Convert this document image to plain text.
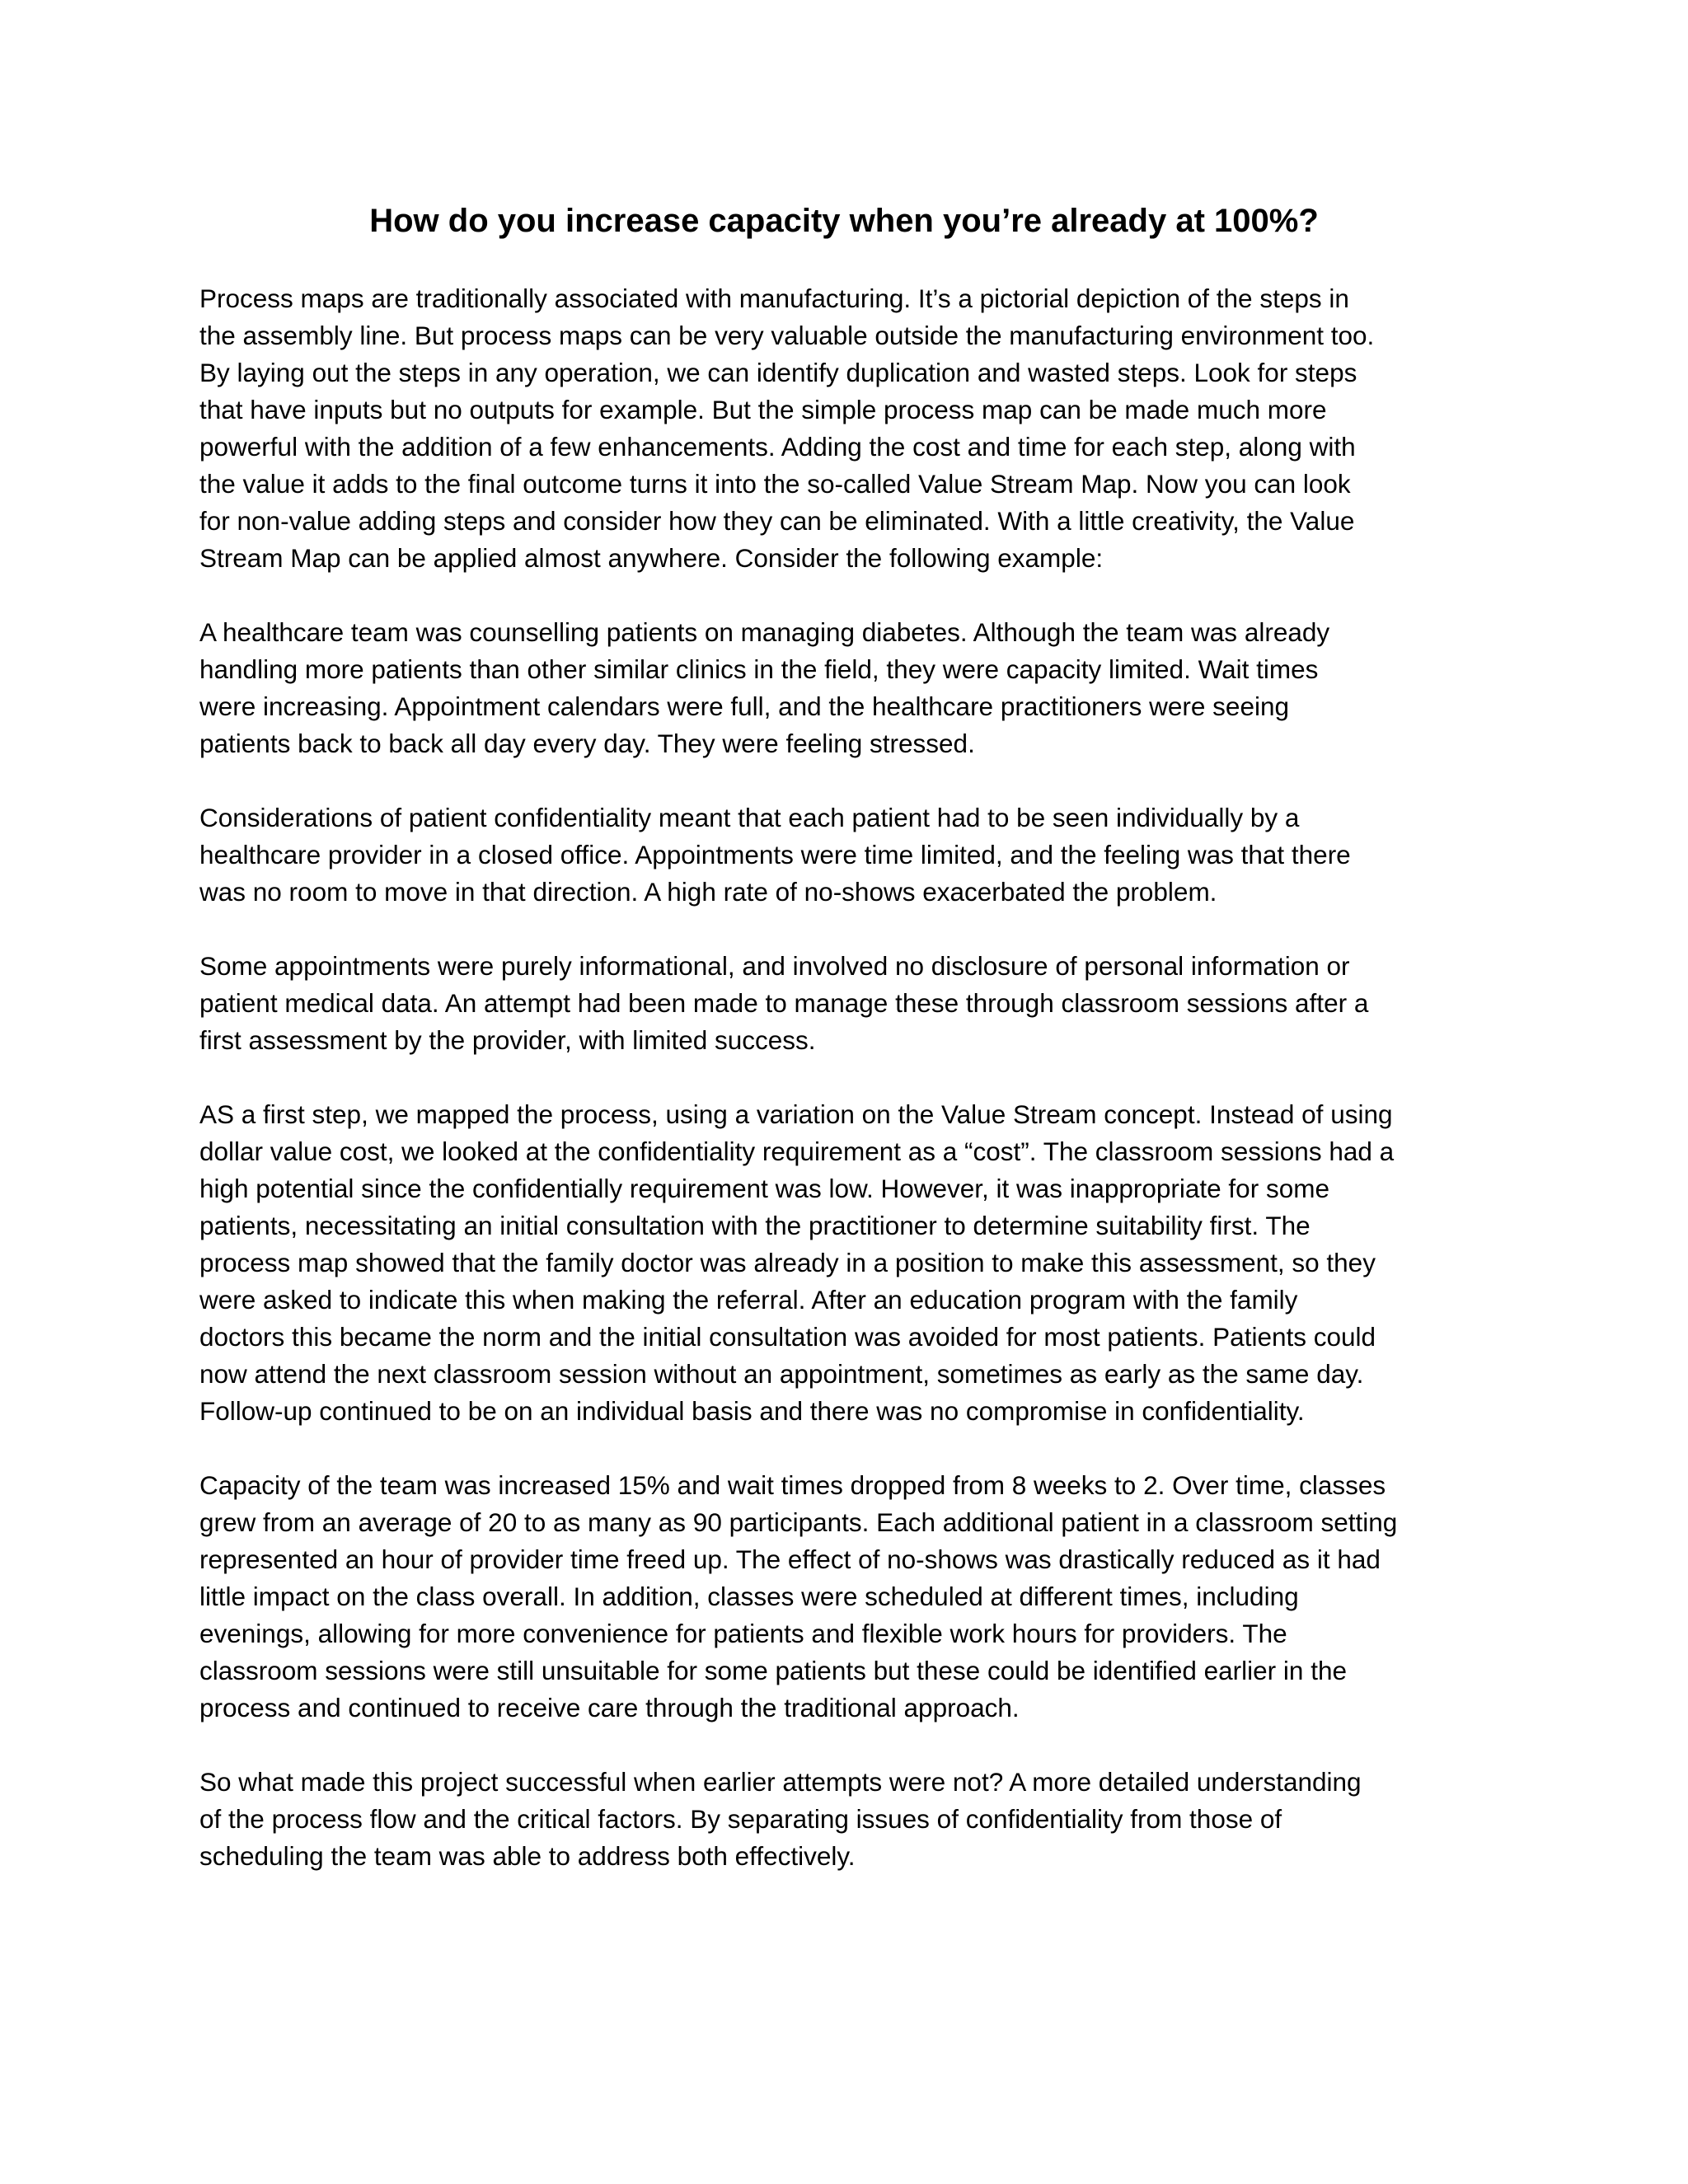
How do you increase capacity when you’re already at 100%?

Process maps are traditionally associated with manufacturing. It’s a pictorial depiction of the steps in
the assembly line. But process maps can be very valuable outside the manufacturing environment too.
By laying out the steps in any operation, we can identify duplication and wasted steps. Look for steps
that have inputs but no outputs for example. But the simple process map can be made much more
powerful with the addition of a few enhancements. Adding the cost and time for each step, along with
the value it adds to the final outcome turns it into the so-called Value Stream Map. Now you can look
for non-value adding steps and consider how they can be eliminated. With a little creativity, the Value
Stream Map can be applied almost anywhere. Consider the following example:

A healthcare team was counselling patients on managing diabetes. Although the team was already
handling more patients than other similar clinics in the field, they were capacity limited. Wait times
were increasing. Appointment calendars were full, and the healthcare practitioners were seeing
patients back to back all day every day. They were feeling stressed.

Considerations of patient confidentiality meant that each patient had to be seen individually by a
healthcare provider in a closed office. Appointments were time limited, and the feeling was that there
was no room to move in that direction. A high rate of no-shows exacerbated the problem.

Some appointments were purely informational, and involved no disclosure of personal information or
patient medical data. An attempt had been made to manage these through classroom sessions after a
first assessment by the provider, with limited success.

AS a first step, we mapped the process, using a variation on the Value Stream concept. Instead of using
dollar value cost, we looked at the confidentiality requirement as a “cost”. The classroom sessions had a
high potential since the confidentially requirement was low. However, it was inappropriate for some
patients, necessitating an initial consultation with the practitioner to determine suitability first. The
process map showed that the family doctor was already in a position to make this assessment, so they
were asked to indicate this when making the referral. After an education program with the family
doctors this became the norm and the initial consultation was avoided for most patients. Patients could
now attend the next classroom session without an appointment, sometimes as early as the same day.
Follow-up continued to be on an individual basis and there was no compromise in confidentiality.

Capacity of the team was increased 15% and wait times dropped from 8 weeks to 2. Over time, classes
grew from an average of 20 to as many as 90 participants. Each additional patient in a classroom setting
represented an hour of provider time freed up. The effect of no-shows was drastically reduced as it had
little impact on the class overall. In addition, classes were scheduled at different times, including
evenings, allowing for more convenience for patients and flexible work hours for providers. The
classroom sessions were still unsuitable for some patients but these could be identified earlier in the
process and continued to receive care through the traditional approach.

So what made this project successful when earlier attempts were not? A more detailed understanding
of the process flow and the critical factors. By separating issues of confidentiality from those of
scheduling the team was able to address both effectively.
